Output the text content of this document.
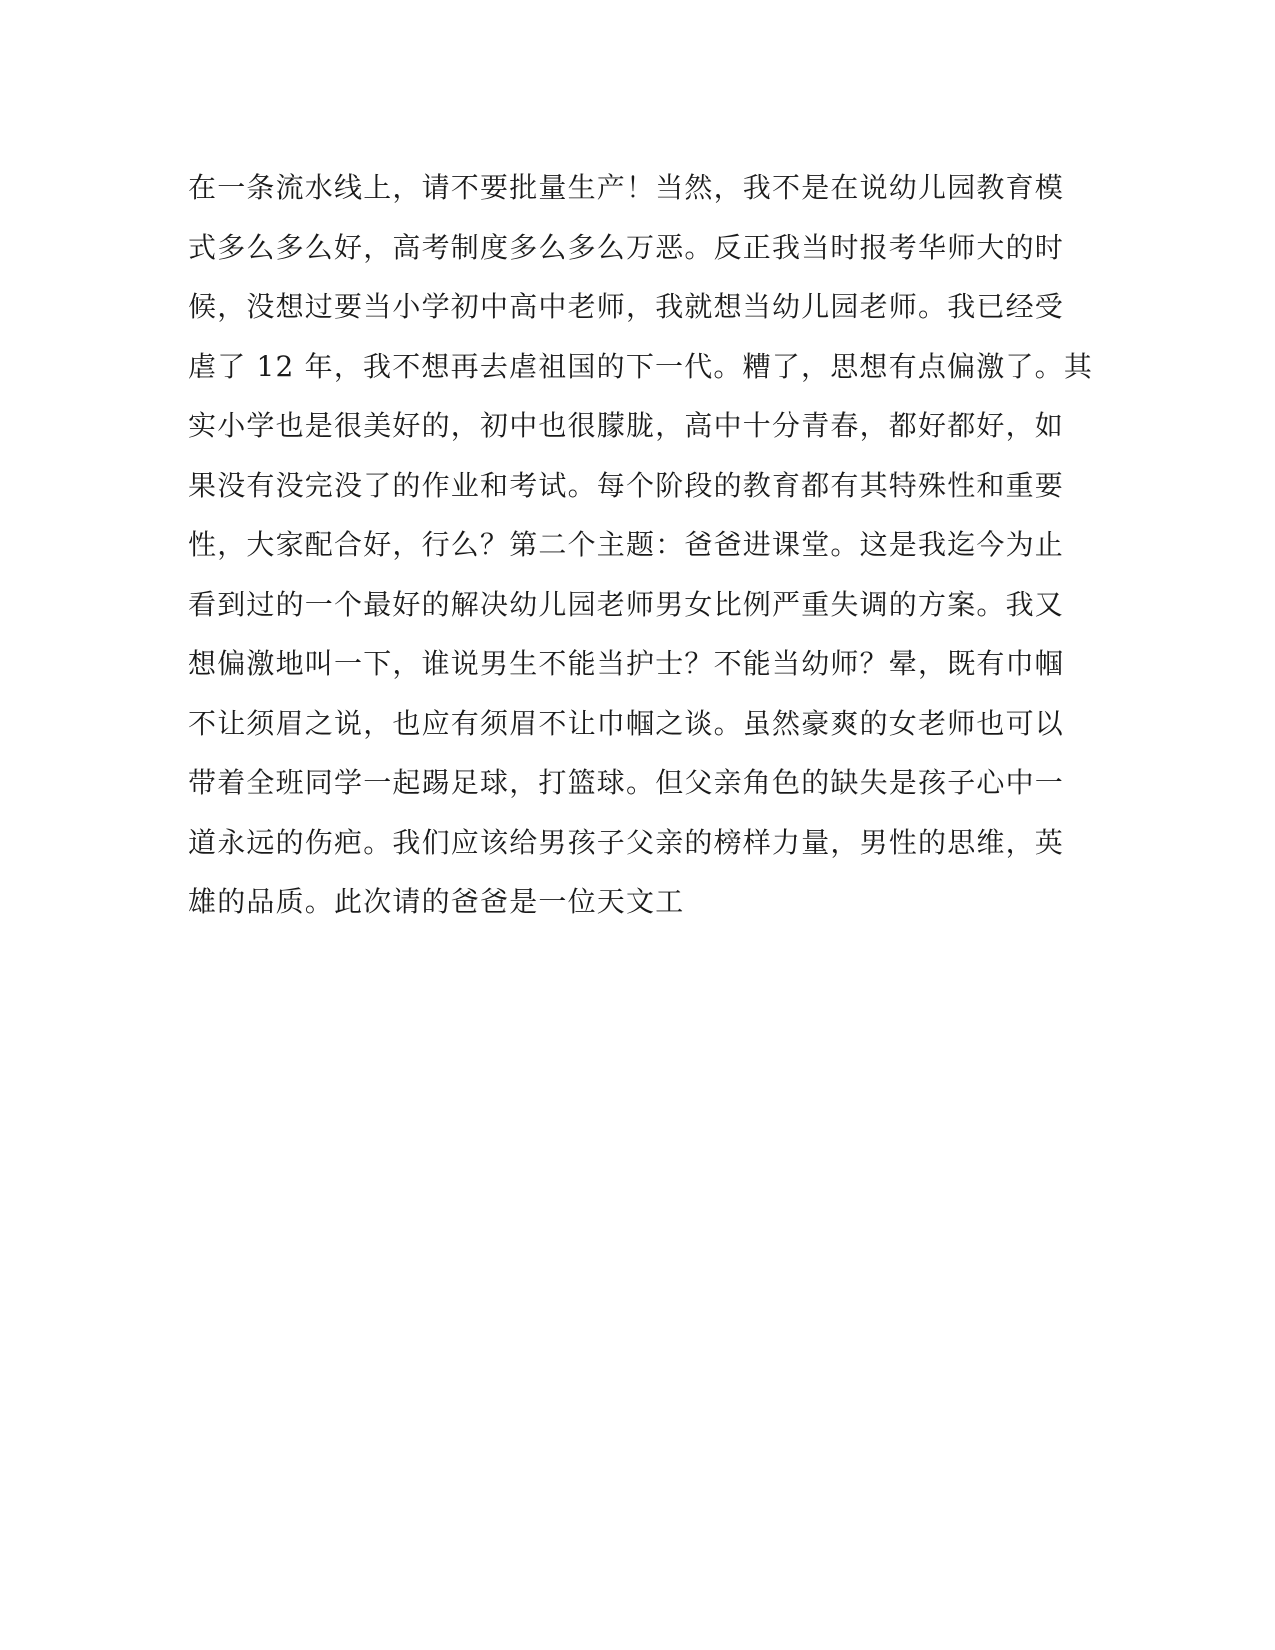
在一条流水线上，请不要批量生产！当然，我不是在说幼儿园教育模
式多么多么好，高考制度多么多么万恶。反正我当时报考华师大的时
候，没想过要当小学初中高中老师，我就想当幼儿园老师。我已经受
虐了 12 年，我不想再去虐祖国的下一代。糟了，思想有点偏激了。其
实小学也是很美好的，初中也很朦胧，高中十分青春，都好都好，如
果没有没完没了的作业和考试。每个阶段的教育都有其特殊性和重要
性，大家配合好，行么？第二个主题：爸爸进课堂。这是我迄今为止
看到过的一个最好的解决幼儿园老师男女比例严重失调的方案。我又
想偏激地叫一下，谁说男生不能当护士？不能当幼师？晕，既有巾帼
不让须眉之说，也应有须眉不让巾帼之谈。虽然豪爽的女老师也可以
带着全班同学一起踢足球，打篮球。但父亲角色的缺失是孩子心中一
道永远的伤疤。我们应该给男孩子父亲的榜样力量，男性的思维，英
雄的品质。此次请的爸爸是一位天文工
